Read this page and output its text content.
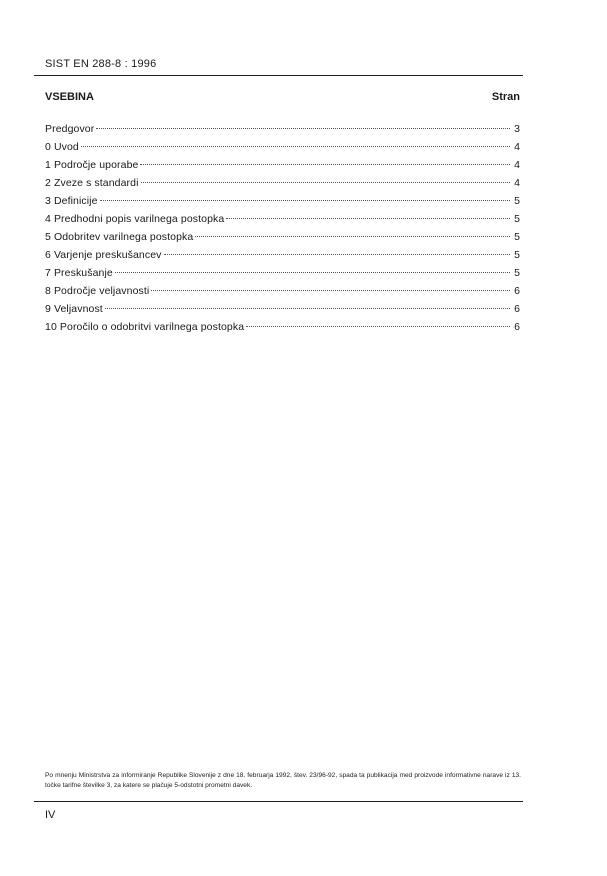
SIST EN 288-8 : 1996
VSEBINA	Stran
Predgovor	3
0 Uvod	4
1 Področje uporabe	4
2 Zveze s standardi	4
3 Definicije	5
4 Predhodni popis varilnega postopka	5
5 Odobritev varilnega postopka	5
6 Varjenje preskušancev	5
7 Preskušanje	5
8 Področje veljavnosti	6
9 Veljavnost	6
10 Poročilo o odobritvi varilnega postopka	6

Po mnenju Ministrstva za informiranje Republike Slovenije z dne 18. februarja 1992, štev. 23/96-92, spada ta publikacija med proizvode informativne narave iz 13. točke tarifne številke 3, za katere se plačuje 5-odstotni prometni davek.

IV
